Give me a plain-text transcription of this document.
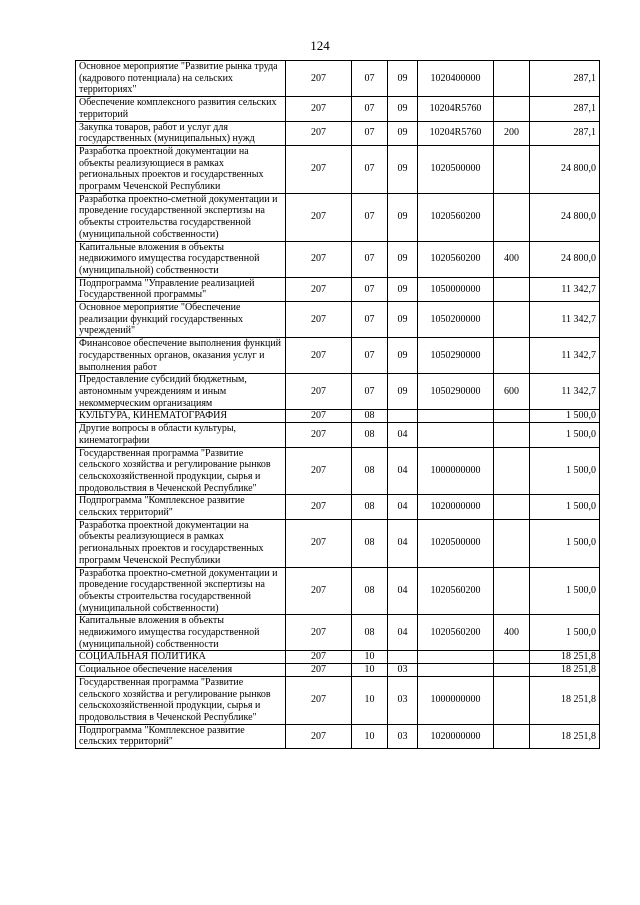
124
Основное мероприятие "Развитие рынка труда (кадрового потенциала) на сельских территориях"	207	07	09	1020400000		287,1
Обеспечение комплексного развития сельских территорий	207	07	09	10204R5760		287,1
Закупка товаров, работ и услуг для государственных (муниципальных) нужд	207	07	09	10204R5760	200	287,1
Разработка проектной документации на объекты реализующиеся в рамках региональных проектов и государственных программ Чеченской Республики	207	07	09	1020500000		24 800,0
Разработка проектно-сметной документации и проведение государственной экспертизы на объекты строительства государственной (муниципальной собственности)	207	07	09	1020560200		24 800,0
Капитальные вложения в объекты недвижимого имущества государственной (муниципальной) собственности	207	07	09	1020560200	400	24 800,0
Подпрограмма "Управление реализацией Государственной программы"	207	07	09	1050000000		11 342,7
Основное мероприятие "Обеспечение реализации функций государственных учреждений"	207	07	09	1050200000		11 342,7
Финансовое обеспечение выполнения функций государственных органов, оказания услуг и выполнения работ	207	07	09	1050290000		11 342,7
Предоставление субсидий бюджетным, автономным учреждениям и иным некоммерческим организациям	207	07	09	1050290000	600	11 342,7
КУЛЬТУРА, КИНЕМАТОГРАФИЯ	207	08				1 500,0
Другие вопросы в области культуры, кинематографии	207	08	04			1 500,0
Государственная программа "Развитие сельского хозяйства и регулирование рынков сельскохозяйственной продукции, сырья и продовольствия в Чеченской Республике"	207	08	04	1000000000		1 500,0
Подпрограмма "Комплексное развитие сельских территорий"	207	08	04	1020000000		1 500,0
Разработка проектной документации на объекты реализующиеся в рамках региональных проектов и государственных программ Чеченской Республики	207	08	04	1020500000		1 500,0
Разработка проектно-сметной документации и проведение государственной экспертизы на объекты строительства государственной (муниципальной собственности)	207	08	04	1020560200		1 500,0
Капитальные вложения в объекты недвижимого имущества государственной (муниципальной) собственности	207	08	04	1020560200	400	1 500,0
СОЦИАЛЬНАЯ ПОЛИТИКА	207	10				18 251,8
Социальное обеспечение населения	207	10	03			18 251,8
Государственная программа "Развитие сельского хозяйства и регулирование рынков сельскохозяйственной продукции, сырья и продовольствия в Чеченской Республике"	207	10	03	1000000000		18 251,8
Подпрограмма "Комплексное развитие сельских территорий"	207	10	03	1020000000		18 251,8
